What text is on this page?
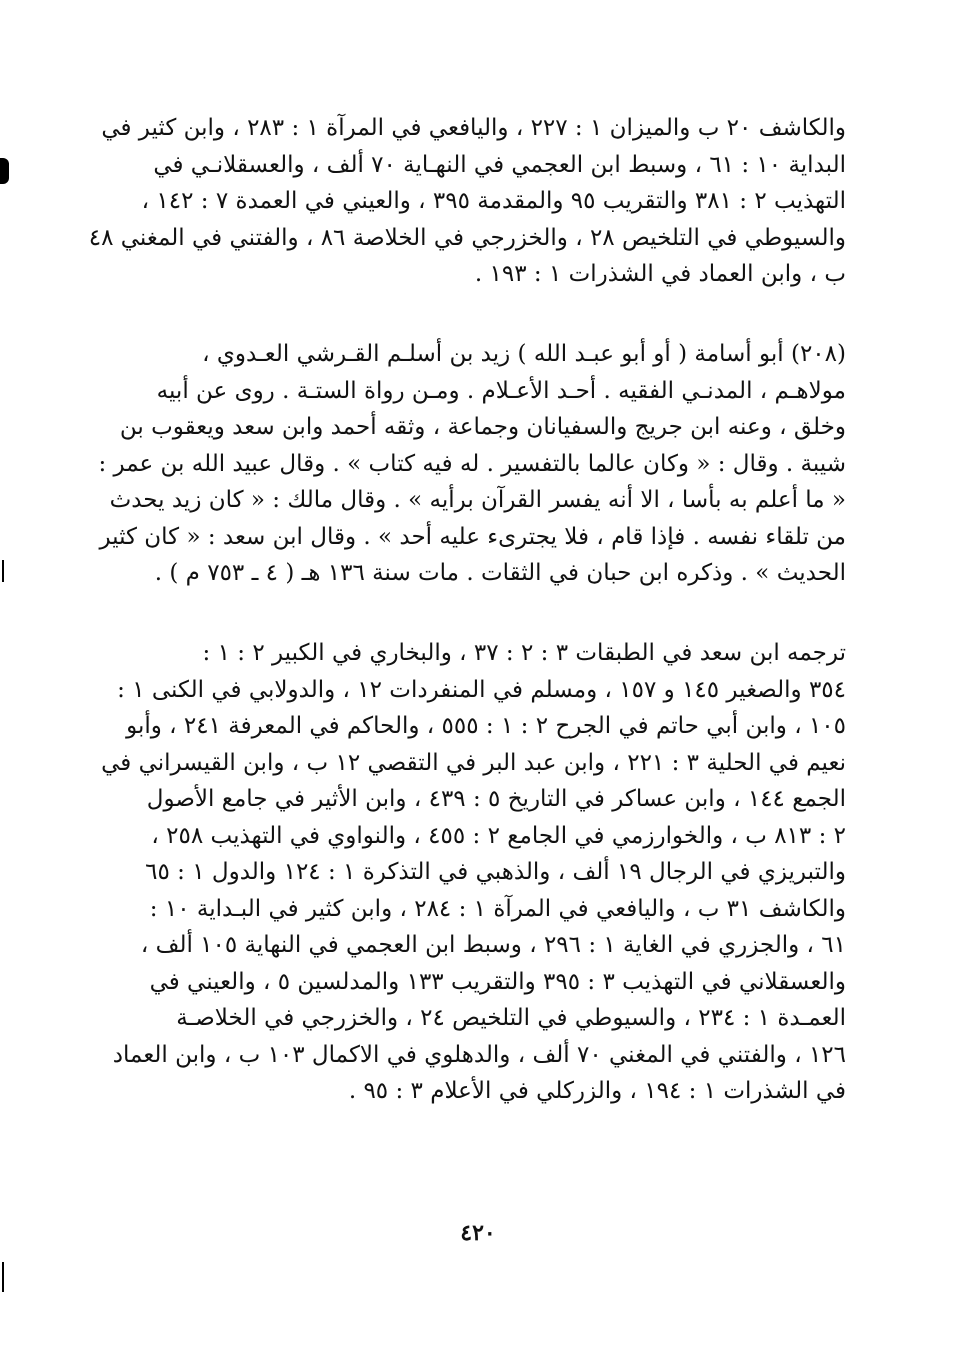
والكاشف ٢٠ ب والميزان ١ : ٢٢٧ ، واليافعي في المرآة ١ : ٢٨٣ ، وابن كثير في
البداية ١٠ : ٦١ ، وسبط ابن العجمي في النهـاية ٧٠ ألف ، والعسقلانـي في
التهذيب ٢ : ٣٨١ والتقريب ٩٥ والمقدمة ٣٩٥ ، والعيني في العمدة ٧ : ١٤٢ ،
والسيوطي في التلخيص ٢٨ ، والخزرجي في الخلاصة ٨٦ ، والفتني في المغني ٤٨
ب ، وابن العماد في الشذرات ١ : ١٩٣ .
(٢٠٨) أبو أسامة ( أو أبو عبـد الله ) زيد بن أسلـم القـرشي العـدوي ،
مولاهـم ، المدنـي الفقيه . أحـد الأعـلام . ومـن رواة الستـة . روى عن أبيه
وخلق ، وعنه ابن جريج والسفيانان وجماعة ، وثقه أحمد وابن سعد ويعقوب بن
شيبة . وقال : « وكان عالما بالتفسير . له فيه كتاب » . وقال عبيد الله بن عمر :
« ما أعلم به بأسا ، الا أنه يفسر القرآن برأيه » . وقال مالك : « كان زيد يحدث
من تلقاء نفسه . فإذا قام ، فلا يجترىء عليه أحد » . وقال ابن سعد : « كان كثير
الحديث » . وذكره ابن حبان في الثقات . مات سنة ١٣٦ هـ ( ٤ ـ ٧٥٣ م ) .
ترجمه ابن سعد في الطبقات ٣ : ٢ : ٣٧ ، والبخاري في الكبير ٢ : ١ :
٣٥٤ والصغير ١٤٥ و ١٥٧ ، ومسلم في المنفردات ١٢ ، والدولابي في الكنى ١ :
١٠٥ ، وابن أبي حاتم في الجرح ٢ : ١ : ٥٥٥ ، والحاكم في المعرفة ٢٤١ ، وأبو
نعيم في الحلية ٣ : ٢٢١ ، وابن عبد البر في التقصي ١٢ ب ، وابن القيسراني في
الجمع ١٤٤ ، وابن عساكر في التاريخ ٥ : ٤٣٩ ، وابن الأثير في جامع الأصول
٢ : ٨١٣ ب ، والخوارزمي في الجامع ٢ : ٤٥٥ ، والنواوي في التهذيب ٢٥٨ ،
والتبريزي في الرجال ١٩ ألف ، والذهبي في التذكرة ١ : ١٢٤ والدول ١ : ٦٥
والكاشف ٣١ ب ، واليافعي في المرآة ١ : ٢٨٤ ، وابن كثير في البـداية ١٠ :
٦١ ، والجزري في الغاية ١ : ٢٩٦ ، وسبط ابن العجمي في النهاية ١٠٥ ألف ،
والعسقلاني في التهذيب ٣ : ٣٩٥ والتقريب ١٣٣ والمدلسين ٥ ، والعيني في
العمـدة ١ : ٢٣٤ ، والسيوطي في التلخيص ٢٤ ، والخزرجي في الخلاصـة
١٢٦ ، والفتني في المغني ٧٠ ألف ، والدهلوي في الاكمال ١٠٣ ب ، وابن العماد
في الشذرات ١ : ١٩٤ ، والزركلي في الأعلام ٣ : ٩٥ .
٤٢٠
